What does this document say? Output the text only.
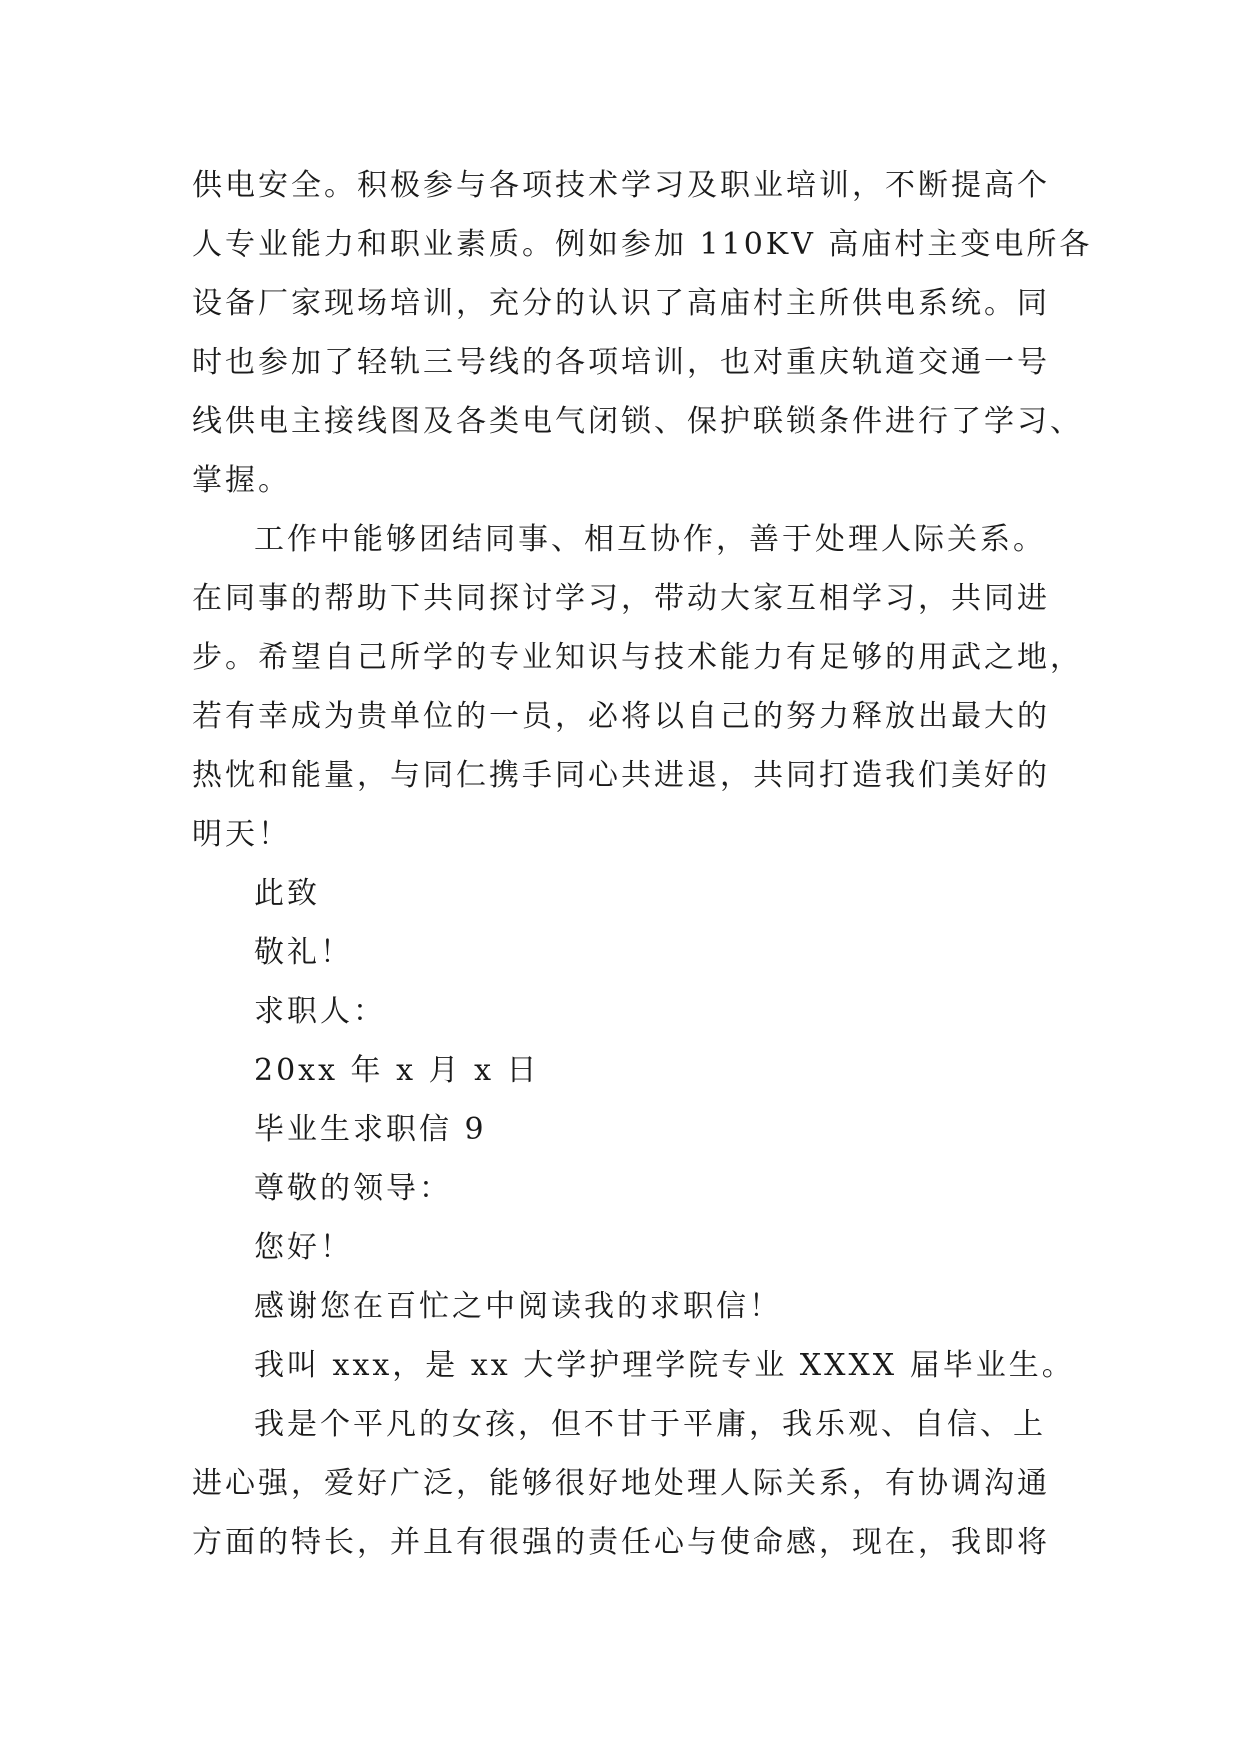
供电安全。积极参与各项技术学习及职业培训，不断提高个
人专业能力和职业素质。例如参加 110KV 高庙村主变电所各
设备厂家现场培训，充分的认识了高庙村主所供电系统。同
时也参加了轻轨三号线的各项培训，也对重庆轨道交通一号
线供电主接线图及各类电气闭锁、保护联锁条件进行了学习、
掌握。
工作中能够团结同事、相互协作，善于处理人际关系。
在同事的帮助下共同探讨学习，带动大家互相学习，共同进
步。希望自己所学的专业知识与技术能力有足够的用武之地，
若有幸成为贵单位的一员，必将以自己的努力释放出最大的
热忱和能量，与同仁携手同心共进退，共同打造我们美好的
明天！
此致
敬礼！
求职人：
20xx 年 x 月 x 日
毕业生求职信 9
尊敬的领导：
您好！
感谢您在百忙之中阅读我的求职信！
我叫 xxx，是 xx 大学护理学院专业 XXXX 届毕业生。
我是个平凡的女孩，但不甘于平庸，我乐观、自信、上
进心强，爱好广泛，能够很好地处理人际关系，有协调沟通
方面的特长，并且有很强的责任心与使命感，现在，我即将
